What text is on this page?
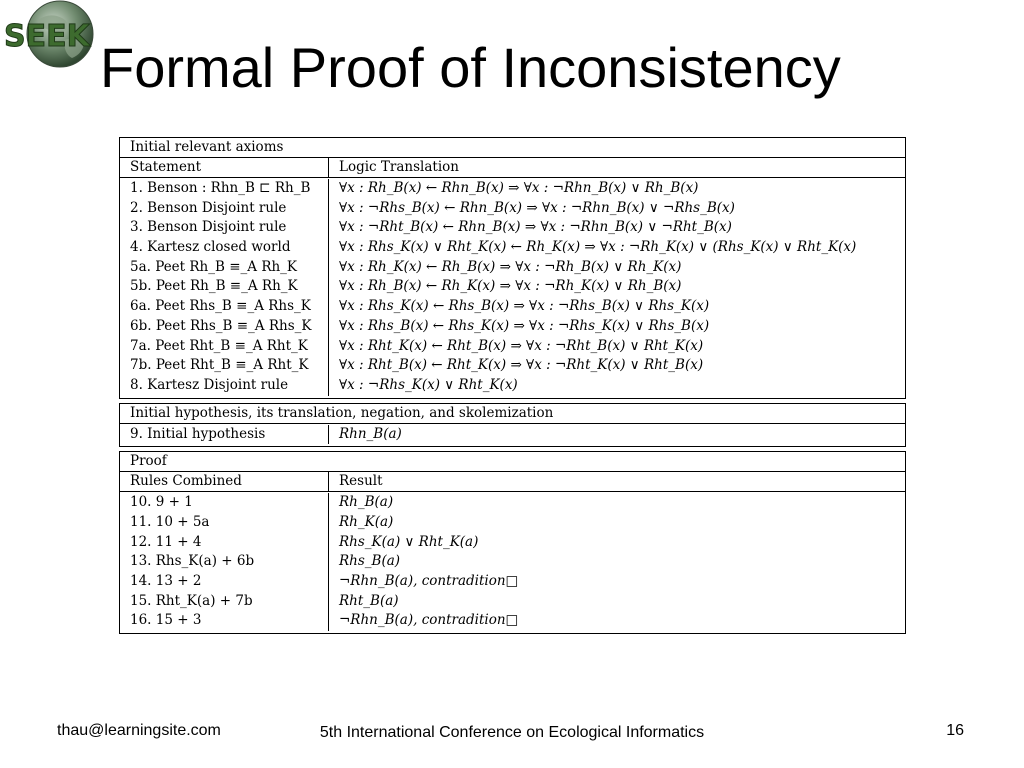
SEEK Formal Proof of Inconsistency
Initial relevant axioms
Statement	Logic Translation
1. Benson : Rhn_B ⊏ Rh_B	∀x : Rh_B(x) ← Rhn_B(x) ⇒ ∀x : ¬Rhn_B(x) ∨ Rh_B(x)
2. Benson Disjoint rule	∀x : ¬Rhs_B(x) ← Rhn_B(x) ⇒ ∀x : ¬Rhn_B(x) ∨ ¬Rhs_B(x)
3. Benson Disjoint rule	∀x : ¬Rht_B(x) ← Rhn_B(x) ⇒ ∀x : ¬Rhn_B(x) ∨ ¬Rht_B(x)
4. Kartesz closed world	∀x : Rhs_K(x) ∨ Rht_K(x) ← Rh_K(x) ⇒ ∀x : ¬Rh_K(x) ∨ (Rhs_K(x) ∨ Rht_K(x)
5a. Peet Rh_B ≡_A Rh_K	∀x : Rh_K(x) ← Rh_B(x) ⇒ ∀x : ¬Rh_B(x) ∨ Rh_K(x)
5b. Peet Rh_B ≡_A Rh_K	∀x : Rh_B(x) ← Rh_K(x) ⇒ ∀x : ¬Rh_K(x) ∨ Rh_B(x)
6a. Peet Rhs_B ≡_A Rhs_K	∀x : Rhs_K(x) ← Rhs_B(x) ⇒ ∀x : ¬Rhs_B(x) ∨ Rhs_K(x)
6b. Peet Rhs_B ≡_A Rhs_K	∀x : Rhs_B(x) ← Rhs_K(x) ⇒ ∀x : ¬Rhs_K(x) ∨ Rhs_B(x)
7a. Peet Rht_B ≡_A Rht_K	∀x : Rht_K(x) ← Rht_B(x) ⇒ ∀x : ¬Rht_B(x) ∨ Rht_K(x)
7b. Peet Rht_B ≡_A Rht_K	∀x : Rht_B(x) ← Rht_K(x) ⇒ ∀x : ¬Rht_K(x) ∨ Rht_B(x)
8. Kartesz Disjoint rule	∀x : ¬Rhs_K(x) ∨ Rht_K(x)
Initial hypothesis, its translation, negation, and skolemization
9. Initial hypothesis	Rhn_B(a)
Proof
Rules Combined	Result
10. 9 + 1	Rh_B(a)
11. 10 + 5a	Rh_K(a)
12. 11 + 4	Rhs_K(a) ∨ Rht_K(a)
13. Rhs_K(a) + 6b	Rhs_B(a)
14. 13 + 2	¬Rhn_B(a), contradition□
15. Rht_K(a) + 7b	Rht_B(a)
16. 15 + 3	¬Rhn_B(a), contradition□
thau@learningsite.com	5th International Conference on Ecological Informatics	16
